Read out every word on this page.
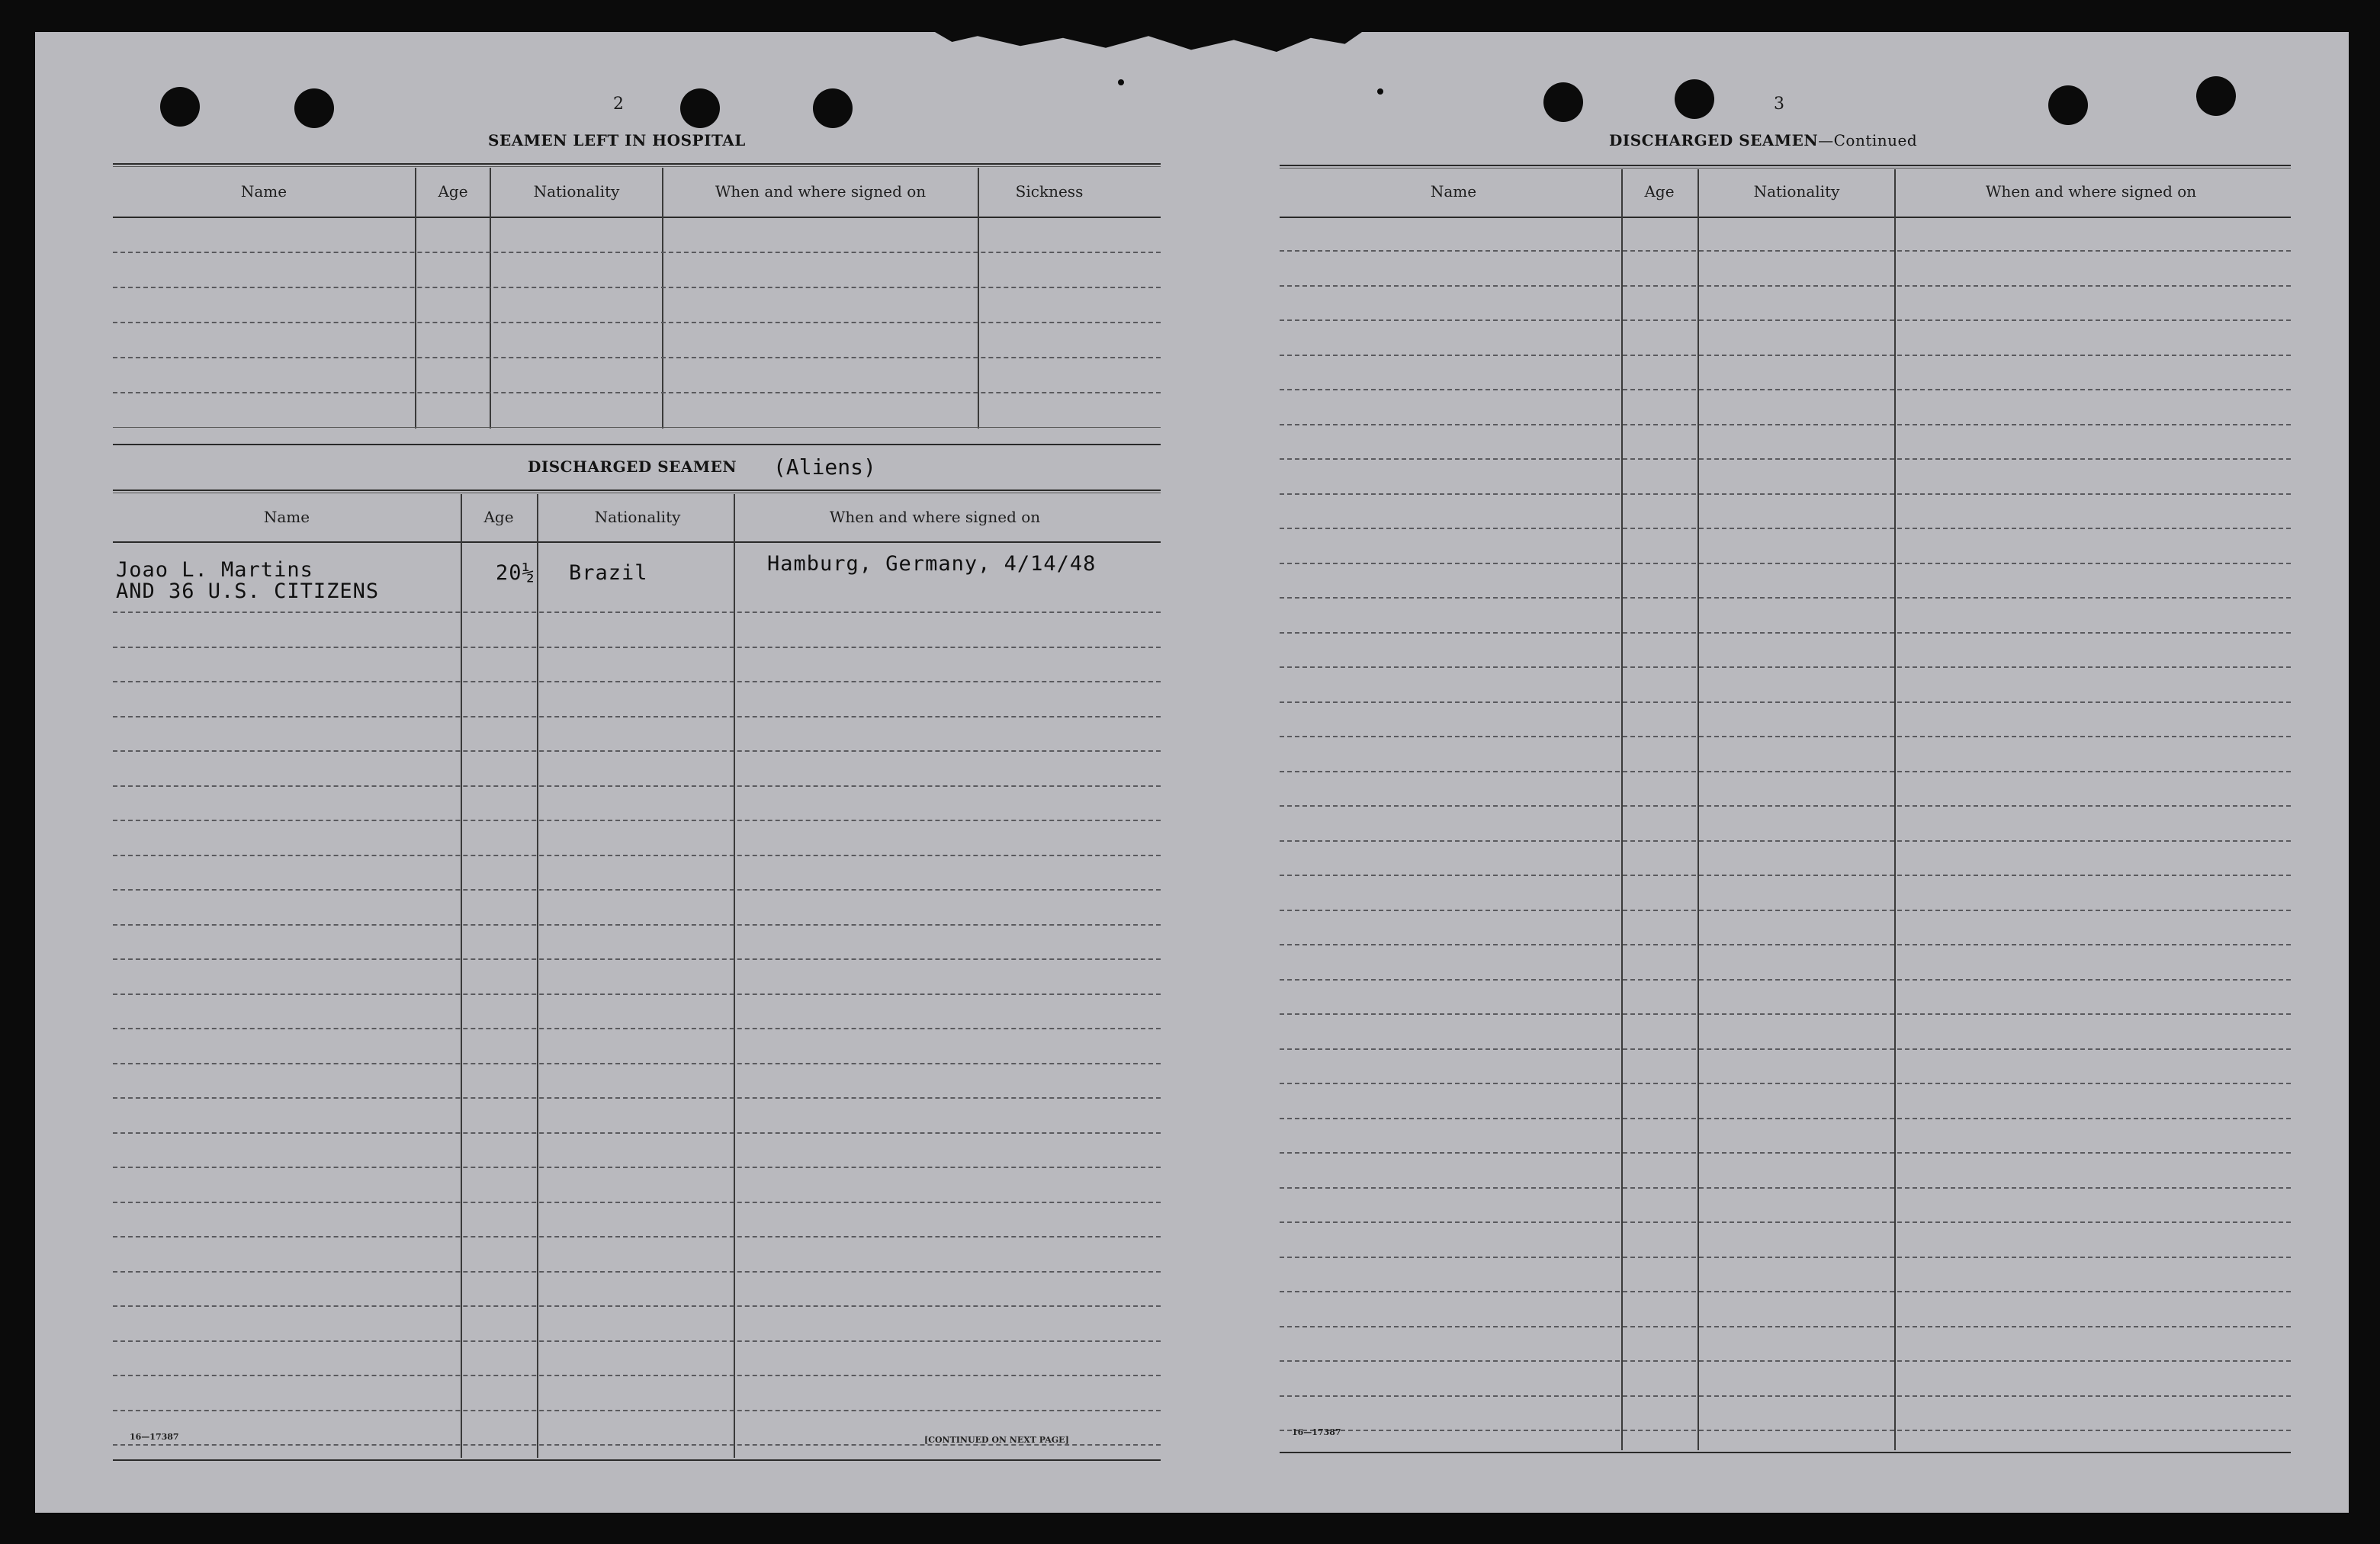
2
SEAMEN LEFT IN HOSPITAL
Name	Age	Nationality	When and where signed on	Sickness
DISCHARGED SEAMEN (Aliens)
Name	Age	Nationality	When and where signed on
Joao L. Martins
AND 36 U.S. CITIZENS
20½ Brazil	Hamburg, Germany, 4/14/48
16—17387	[CONTINUED ON NEXT PAGE]
3
DISCHARGED SEAMEN—Continued
Name	Age	Nationality	When and where signed on
16—17387
